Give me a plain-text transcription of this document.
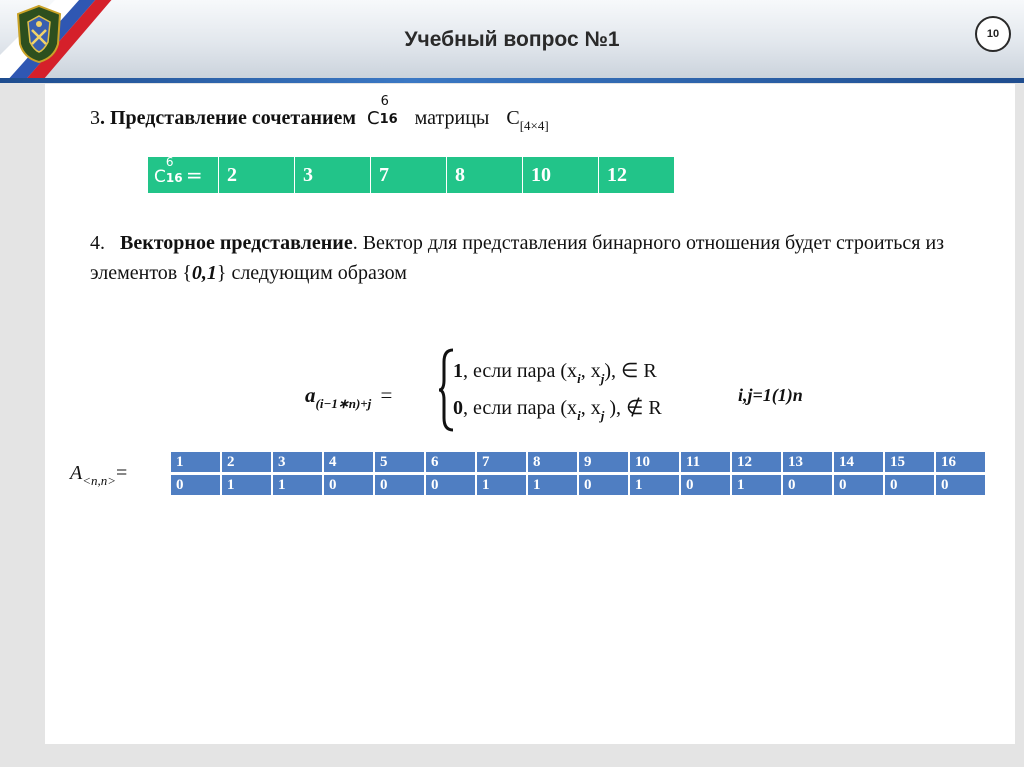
Учебный вопрос №1	10
3. Представление сочетанием C
6
16 матрицы $C_{[4\times 4]}$
C
6
16 =	2	3	7	8	10	12
4. Векторное представление. Вектор для представления бинарного отношения будет строиться из элементов {0,1} следующим образом
$a_{(i-1∗n)+j}$ =
1, если пара ($x_i$, $x_j$), ∈ R
0, если пара ($x_i$, $x_j$ ), ∉ R
i,j=1(1)n
$A_{<n,n>}=$
1	2	3	4	5	6	7	8	9	10	11	12	13	14	15	16
0	1	1	0	0	0	1	1	0	1	0	1	0	0	0	0
